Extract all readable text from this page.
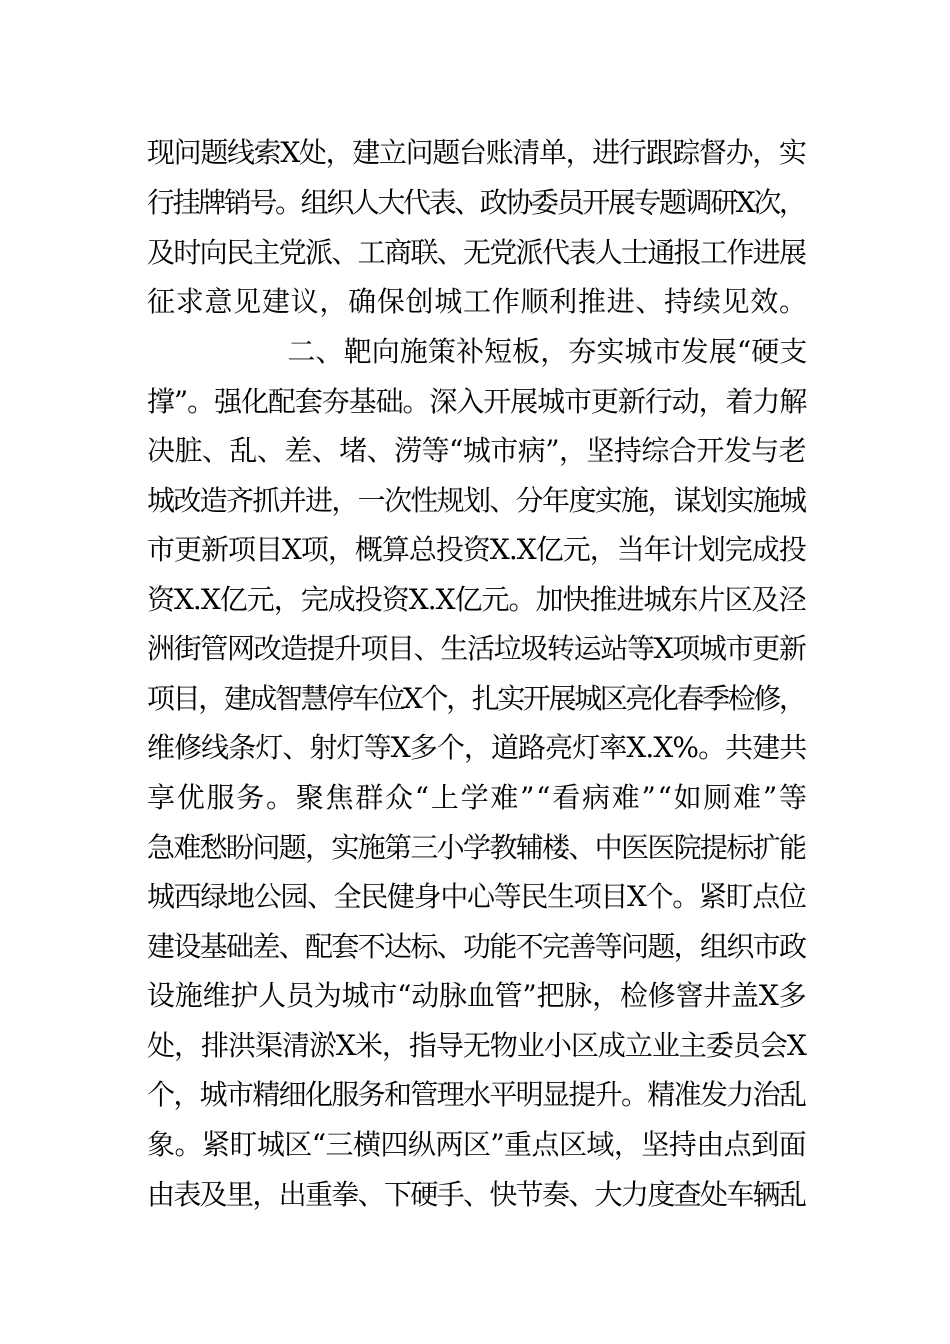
现问题线索X处，建立问题台账清单，进行跟踪督办，实
行挂牌销号。组织人大代表、政协委员开展专题调研X次，
及时向民主党派、工商联、无党派代表人士通报工作进展
征求意见建议，确保创城工作顺利推进、持续见效。
　　　　　二、靶向施策补短板，夯实城市发展“硬支
撑”。强化配套夯基础。深入开展城市更新行动，着力解
决脏、乱、差、堵、涝等“城市病”，坚持综合开发与老
城改造齐抓并进，一次性规划、分年度实施，谋划实施城
市更新项目X项，概算总投资X.X亿元，当年计划完成投
资X.X亿元，完成投资X.X亿元。加快推进城东片区及泾
洲街管网改造提升项目、生活垃圾转运站等X项城市更新
项目，建成智慧停车位X个，扎实开展城区亮化春季检修，
维修线条灯、射灯等X多个，道路亮灯率X.X%。共建共
享优服务。聚焦群众“上学难”“看病难”“如厕难”等
急难愁盼问题，实施第三小学教辅楼、中医医院提标扩能
城西绿地公园、全民健身中心等民生项目X个。紧盯点位
建设基础差、配套不达标、功能不完善等问题，组织市政
设施维护人员为城市“动脉血管”把脉，检修窨井盖X多
处，排洪渠清淤X米，指导无物业小区成立业主委员会X
个，城市精细化服务和管理水平明显提升。精准发力治乱
象。紧盯城区“三横四纵两区”重点区域，坚持由点到面
由表及里，出重拳、下硬手、快节奏、大力度查处车辆乱
